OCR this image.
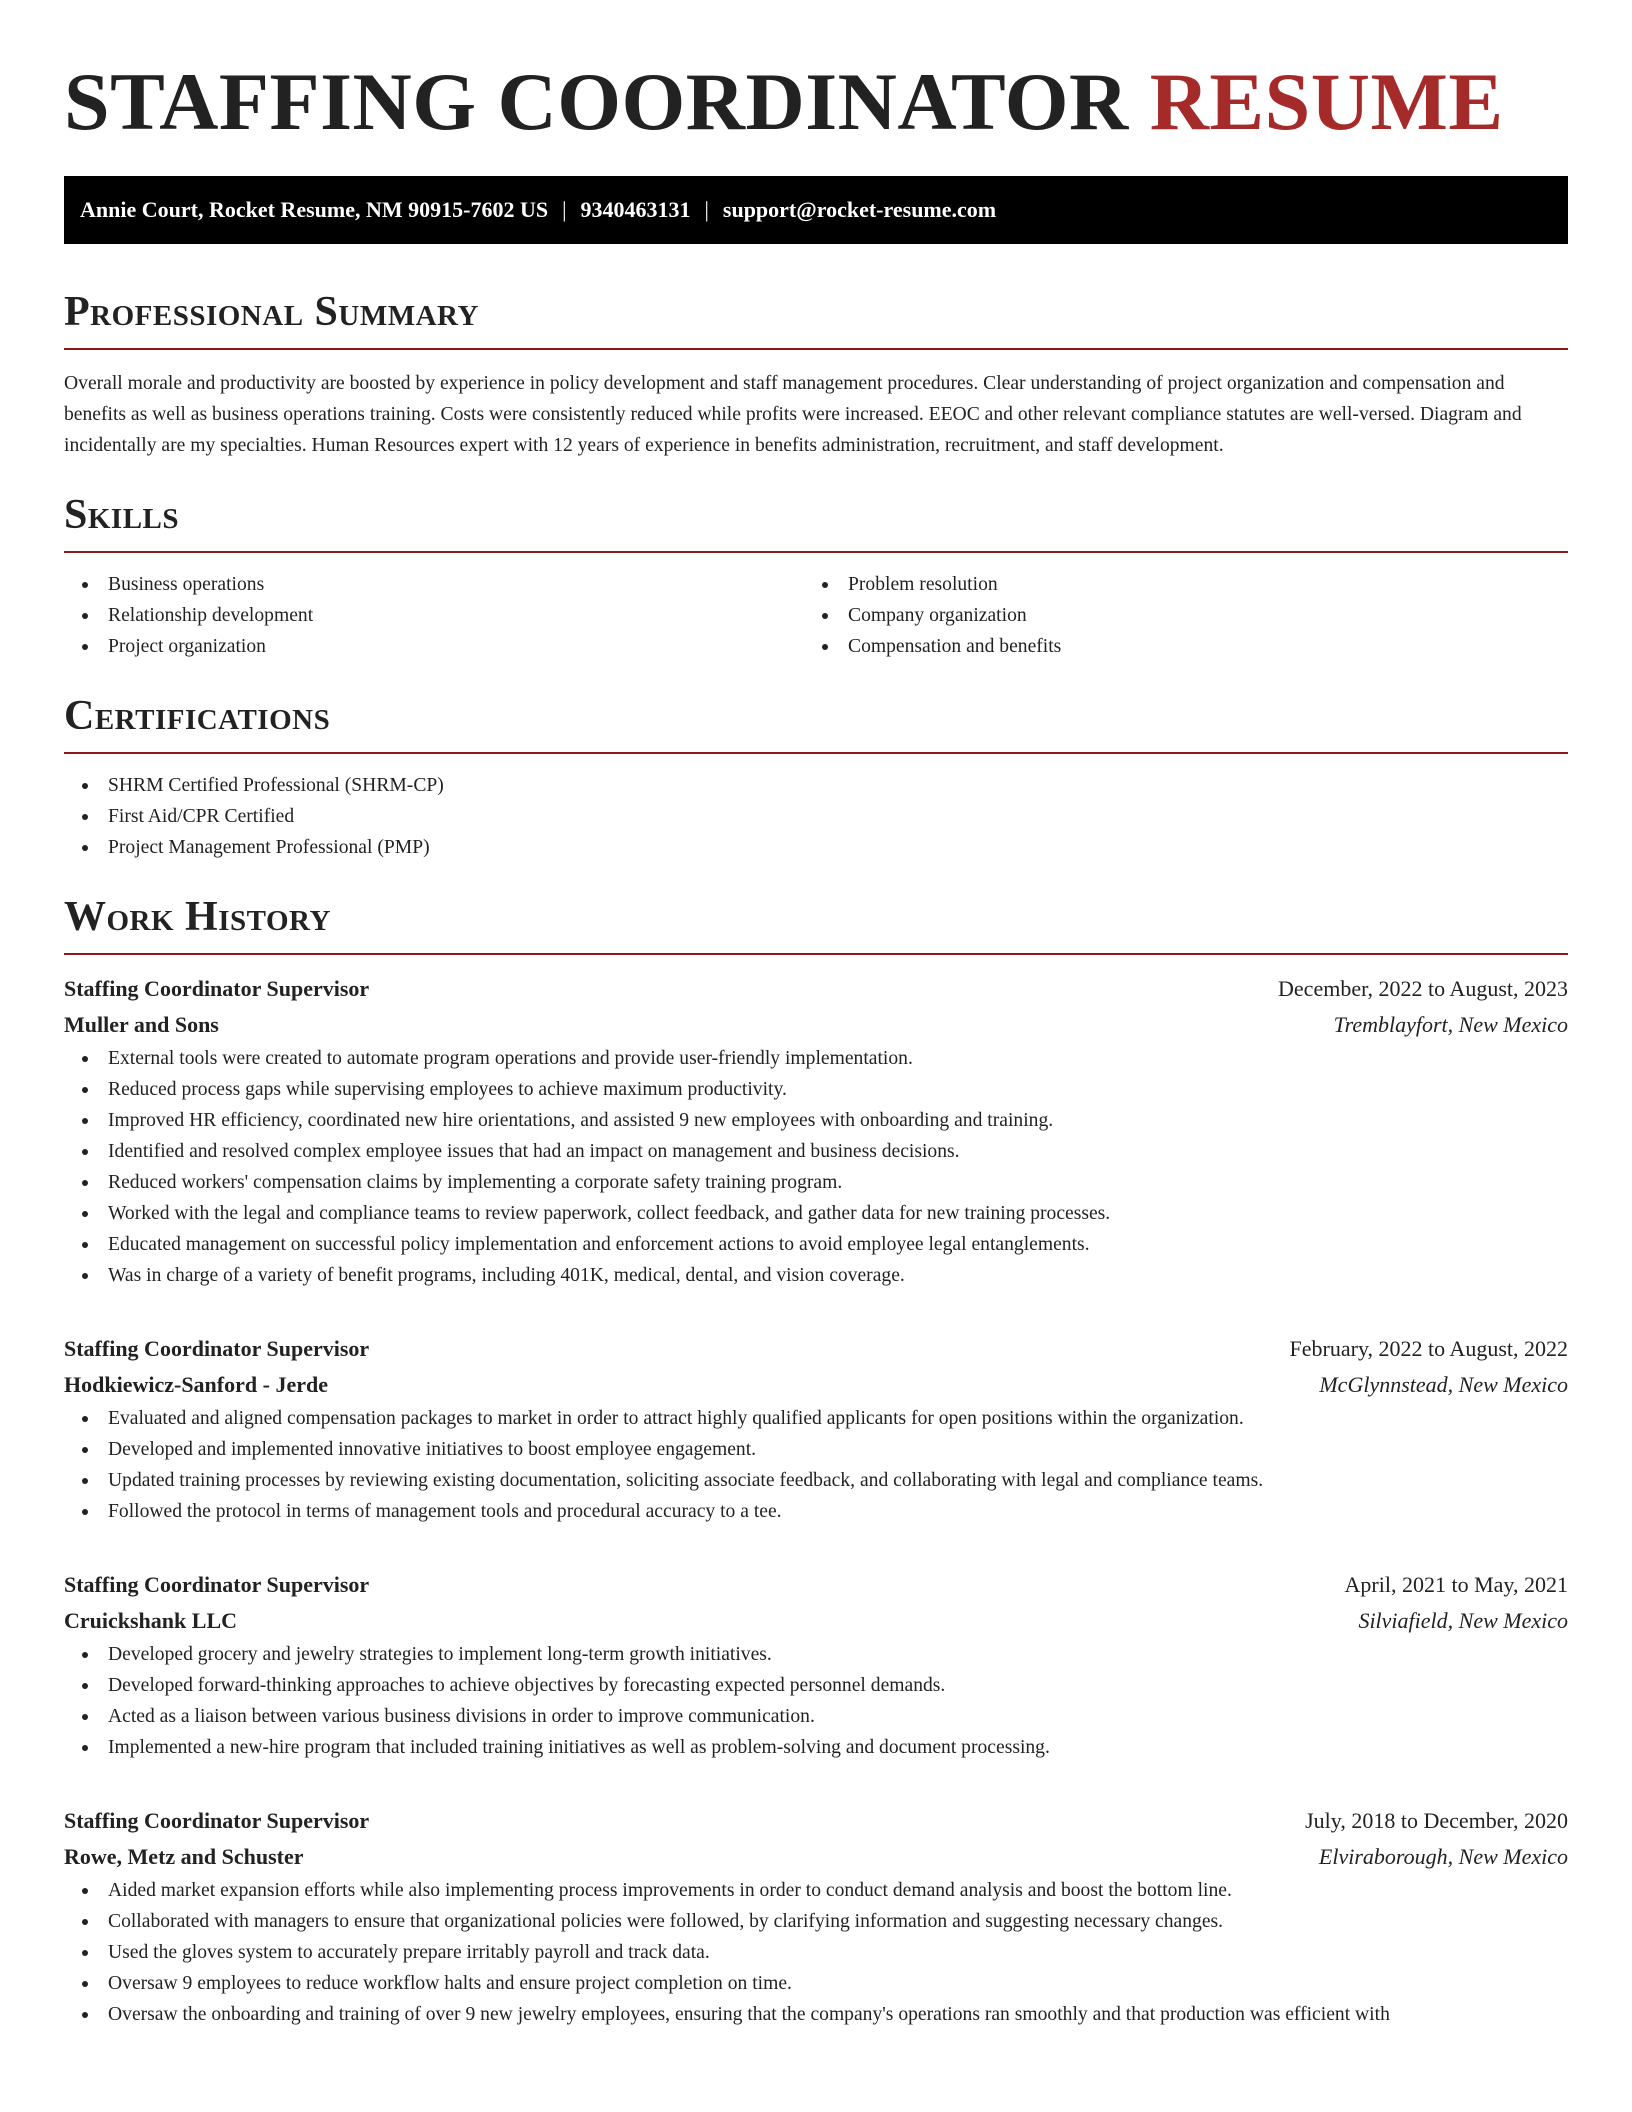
STAFFING COORDINATOR RESUME
Annie Court, Rocket Resume, NM 90915-7602 US | 9340463131 | support@rocket-resume.com
Professional Summary

Overall morale and productivity are boosted by experience in policy development and staff management procedures. Clear understanding of project organization and compensation and benefits as well as business operations training. Costs were consistently reduced while profits were increased. EEOC and other relevant compliance statutes are well-versed. Diagram and incidentally are my specialties. Human Resources expert with 12 years of experience in benefits administration, recruitment, and staff development.

Skills
Business operations
Relationship development
Project organization
Problem resolution
Company organization
Compensation and benefits
Certifications
SHRM Certified Professional (SHRM-CP)
First Aid/CPR Certified
Project Management Professional (PMP)
Work History
Staffing Coordinator Supervisor	December, 2022 to August, 2023
Muller and Sons	Tremblayfort, New Mexico
External tools were created to automate program operations and provide user-friendly implementation.
Reduced process gaps while supervising employees to achieve maximum productivity.
Improved HR efficiency, coordinated new hire orientations, and assisted 9 new employees with onboarding and training.
Identified and resolved complex employee issues that had an impact on management and business decisions.
Reduced workers' compensation claims by implementing a corporate safety training program.
Worked with the legal and compliance teams to review paperwork, collect feedback, and gather data for new training processes.
Educated management on successful policy implementation and enforcement actions to avoid employee legal entanglements.
Was in charge of a variety of benefit programs, including 401K, medical, dental, and vision coverage.
Staffing Coordinator Supervisor	February, 2022 to August, 2022
Hodkiewicz-Sanford - Jerde	McGlynnstead, New Mexico
Evaluated and aligned compensation packages to market in order to attract highly qualified applicants for open positions within the organization.
Developed and implemented innovative initiatives to boost employee engagement.
Updated training processes by reviewing existing documentation, soliciting associate feedback, and collaborating with legal and compliance teams.
Followed the protocol in terms of management tools and procedural accuracy to a tee.
Staffing Coordinator Supervisor	April, 2021 to May, 2021
Cruickshank LLC	Silviafield, New Mexico
Developed grocery and jewelry strategies to implement long-term growth initiatives.
Developed forward-thinking approaches to achieve objectives by forecasting expected personnel demands.
Acted as a liaison between various business divisions in order to improve communication.
Implemented a new-hire program that included training initiatives as well as problem-solving and document processing.
Staffing Coordinator Supervisor	July, 2018 to December, 2020
Rowe, Metz and Schuster	Elviraborough, New Mexico
Aided market expansion efforts while also implementing process improvements in order to conduct demand analysis and boost the bottom line.
Collaborated with managers to ensure that organizational policies were followed, by clarifying information and suggesting necessary changes.
Used the gloves system to accurately prepare irritably payroll and track data.
Oversaw 9 employees to reduce workflow halts and ensure project completion on time.
Oversaw the onboarding and training of over 9 new jewelry employees, ensuring that the company's operations ran smoothly and that production was efficient with
